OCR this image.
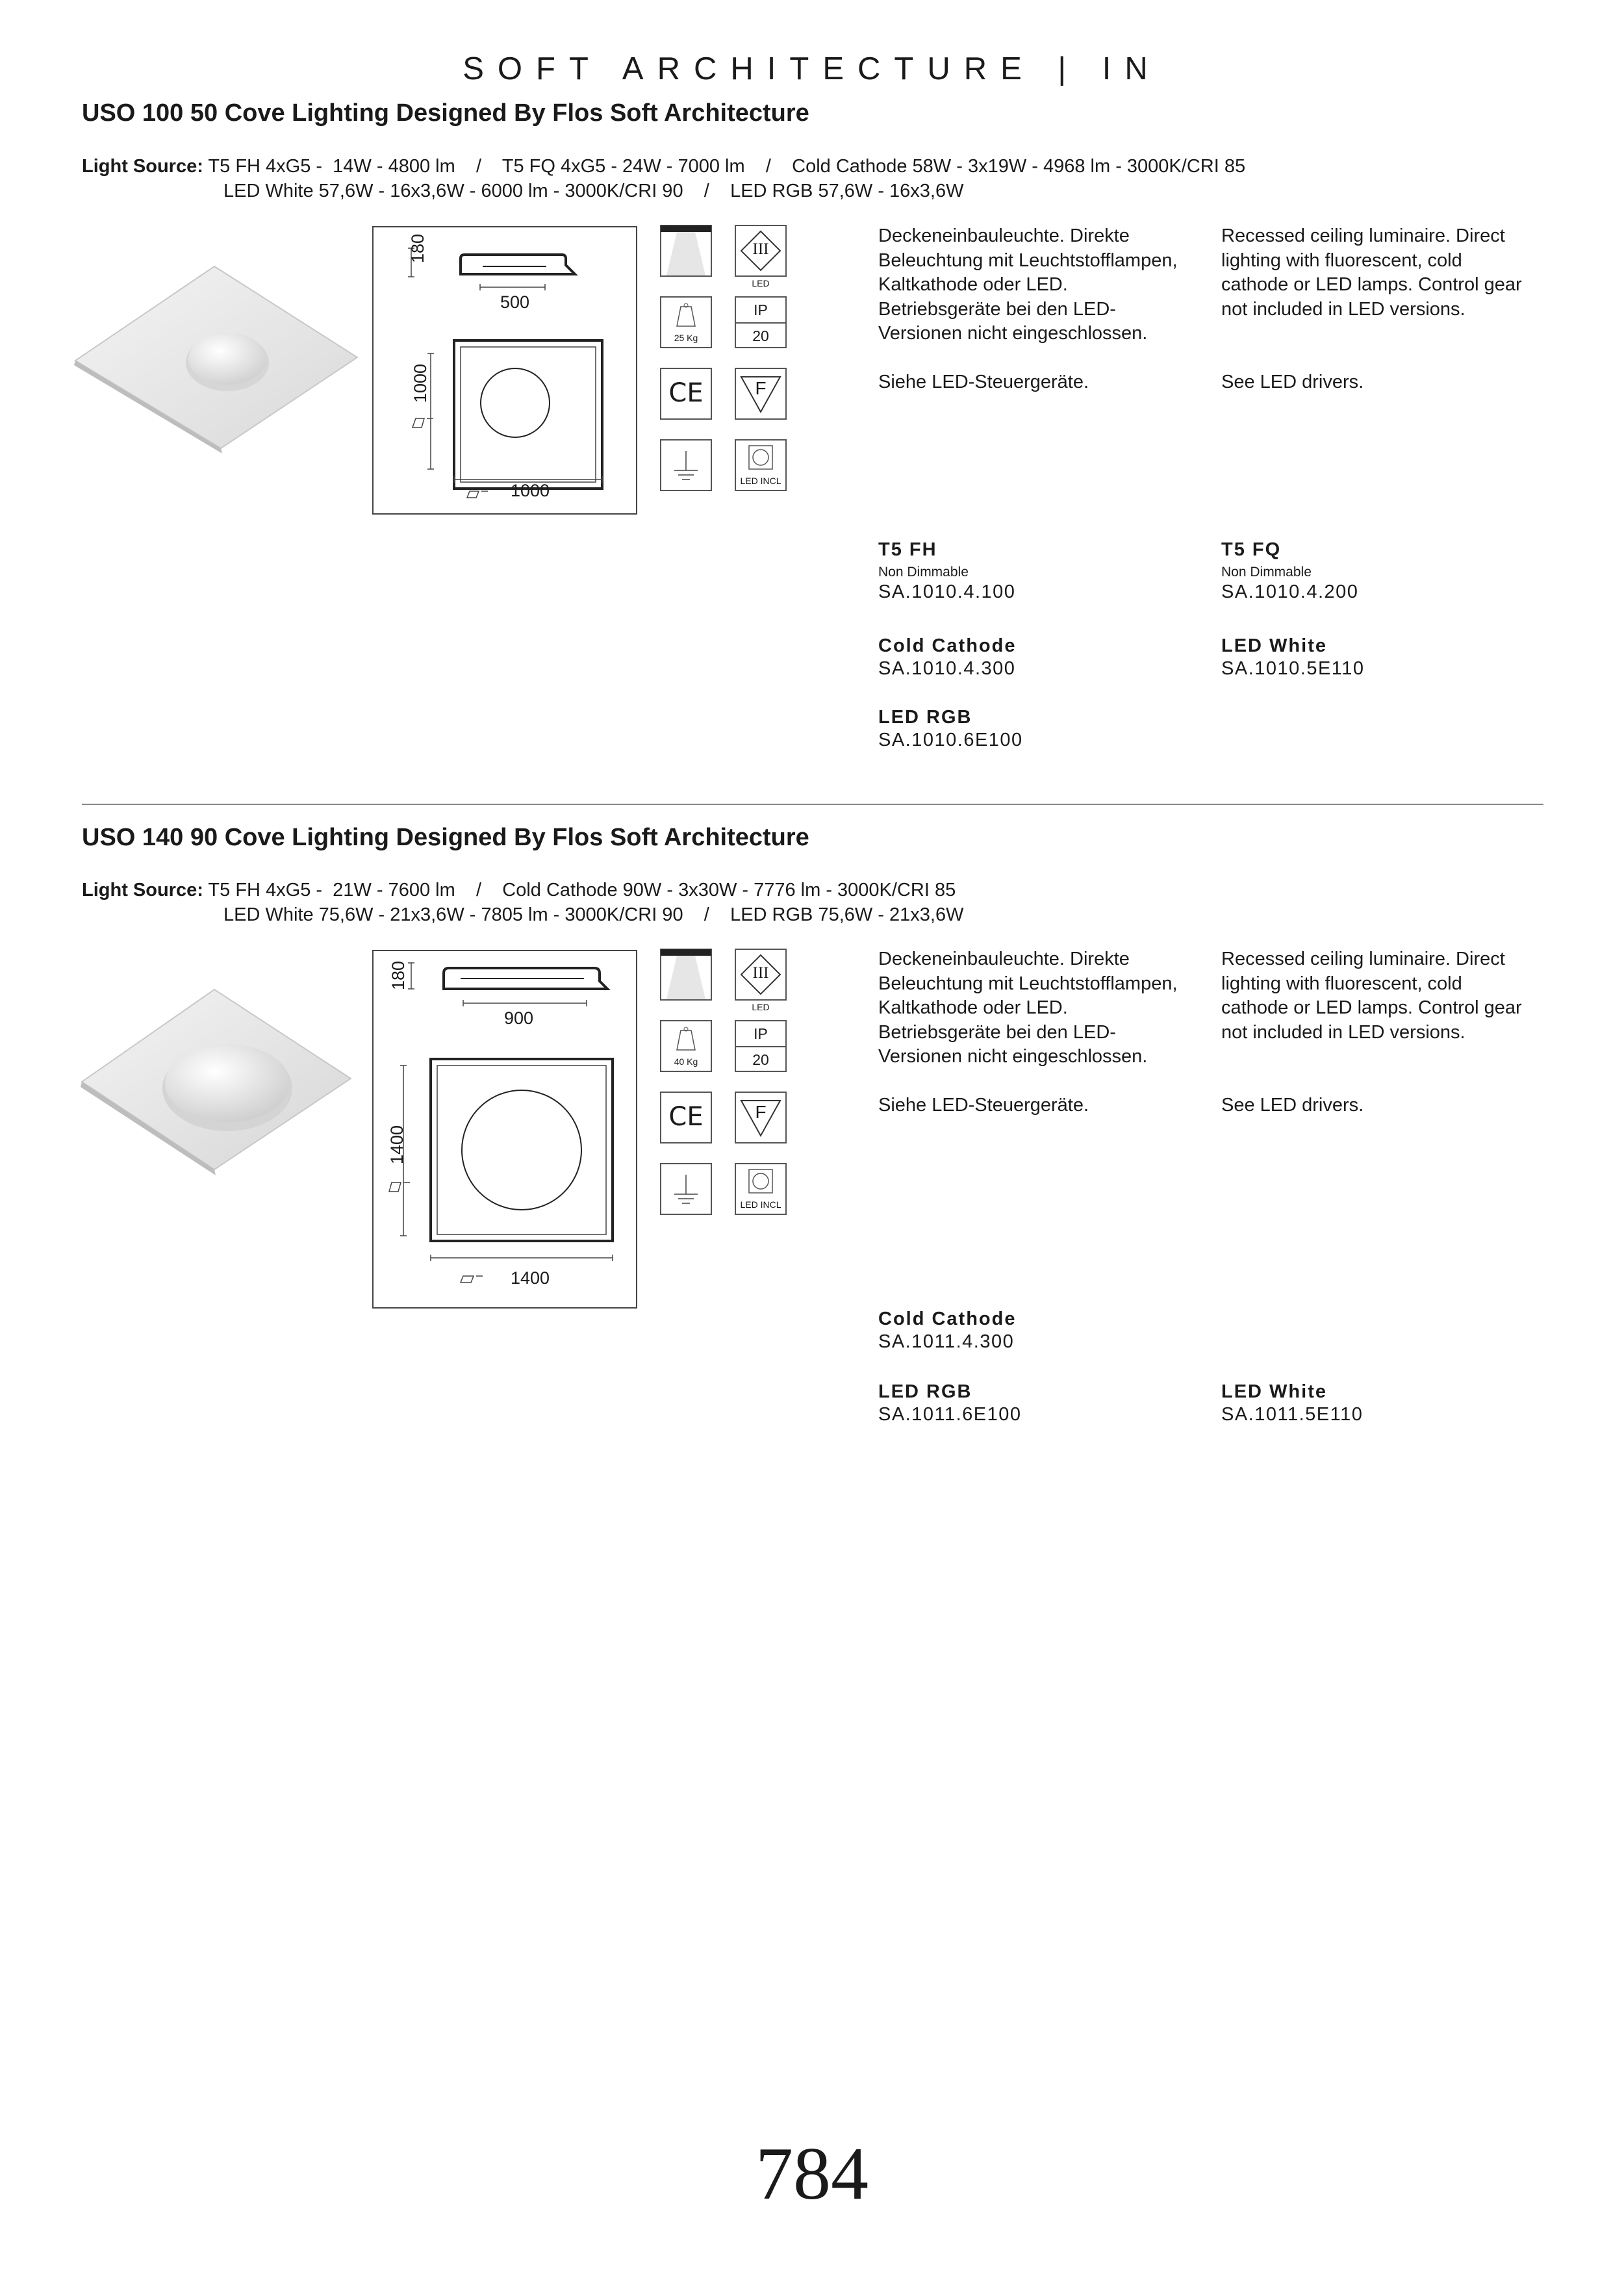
SOFT ARCHITECTURE | IN
USO 100 50 Cove Lighting Designed By Flos Soft Architecture
Light Source: T5 FH 4xG5 -  14W - 4800 lm    /    T5 FQ 4xG5 - 24W - 7000 lm    /    Cold Cathode 58W - 3x19W - 4968 lm - 3000K/CRI 85
LED White 57,6W - 16x3,6W - 6000 lm - 3000K/CRI 90    /    LED RGB 57,6W - 16x3,6W
180
500
1000
1000
III
LED
25 Kg
IP
20
CE	F
LED INCL

Deckeneinbauleuchte. Direkte

Beleuchtung mit Leuchtstofflampen,

Kaltkathode oder LED.

Betriebsgeräte bei den LED-

Versionen nicht eingeschlossen.

Siehe LED-Steuergeräte.

Recessed ceiling luminaire. Direct

lighting with fluorescent, cold

cathode or LED lamps. Control gear

not included in LED versions.

See LED drivers.

T5 FH
Non Dimmable
SA.1010.4.100
T5 FQ
Non Dimmable
SA.1010.4.200
Cold Cathode
SA.1010.4.300
LED White
SA.1010.5E110
LED RGB
SA.1010.6E100
USO 140 90 Cove Lighting Designed By Flos Soft Architecture
Light Source: T5 FH 4xG5 -  21W - 7600 lm    /    Cold Cathode 90W - 3x30W - 7776 lm - 3000K/CRI 85
LED White 75,6W - 21x3,6W - 7805 lm - 3000K/CRI 90    /    LED RGB 75,6W - 21x3,6W
180
900
1400
1400
III
LED
40 Kg
IP
20
CE	F
LED INCL

Deckeneinbauleuchte. Direkte

Beleuchtung mit Leuchtstofflampen,

Kaltkathode oder LED.

Betriebsgeräte bei den LED-

Versionen nicht eingeschlossen.

Siehe LED-Steuergeräte.

Recessed ceiling luminaire. Direct

lighting with fluorescent, cold

cathode or LED lamps. Control gear

not included in LED versions.

See LED drivers.

Cold Cathode
SA.1011.4.300
LED RGB
SA.1011.6E100
LED White
SA.1011.5E110
784
